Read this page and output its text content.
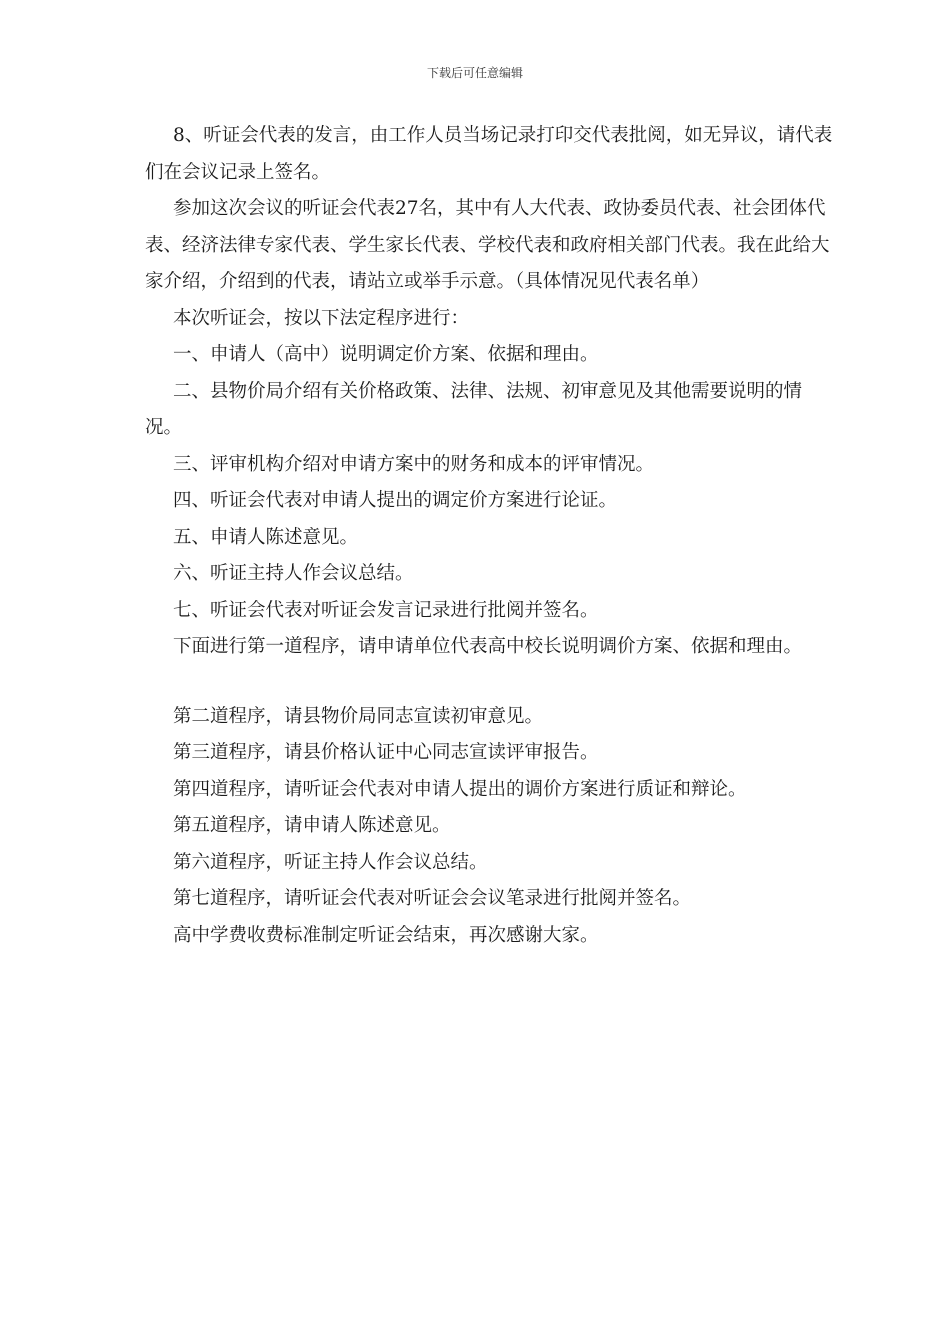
下载后可任意编辑

8、听证会代表的发言，由工作人员当场记录打印交代表批阅，如无异议，请代表们在会议记录上签名。

参加这次会议的听证会代表27名，其中有人大代表、政协委员代表、社会团体代表、经济法律专家代表、学生家长代表、学校代表和政府相关部门代表。我在此给大家介绍，介绍到的代表，请站立或举手示意。（具体情况见代表名单）

本次听证会，按以下法定程序进行：

一、申请人（高中）说明调定价方案、依据和理由。

二、县物价局介绍有关价格政策、法律、法规、初审意见及其他需要说明的情况。

三、评审机构介绍对申请方案中的财务和成本的评审情况。

四、听证会代表对申请人提出的调定价方案进行论证。

五、申请人陈述意见。

六、听证主持人作会议总结。

七、听证会代表对听证会发言记录进行批阅并签名。

下面进行第一道程序，请申请单位代表高中校长说明调价方案、依据和理由。

第二道程序，请县物价局同志宣读初审意见。

第三道程序，请县价格认证中心同志宣读评审报告。

第四道程序，请听证会代表对申请人提出的调价方案进行质证和辩论。

第五道程序，请申请人陈述意见。

第六道程序，听证主持人作会议总结。

第七道程序，请听证会代表对听证会会议笔录进行批阅并签名。

高中学费收费标准制定听证会结束，再次感谢大家。
